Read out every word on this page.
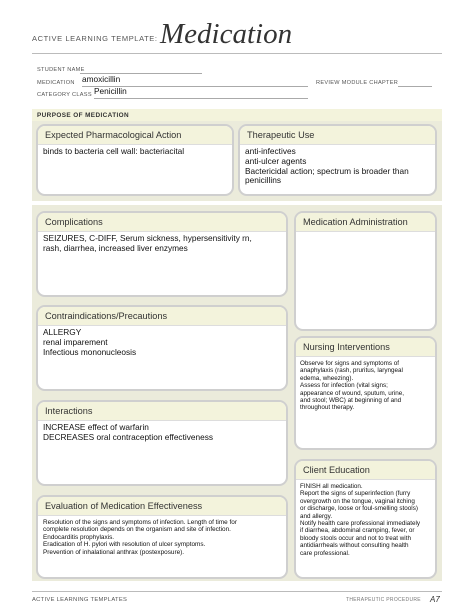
ACTIVE LEARNING TEMPLATE: Medication
STUDENT NAME
MEDICATION amoxicillin	REVIEW MODULE CHAPTER
CATEGORY CLASS Penicillin
PURPOSE OF MEDICATION
Expected Pharmacological Action
binds to bacteria cell wall: bacteriacital
Therapeutic Use
anti-infectives
anti-ulcer agents
Bactericidal action; spectrum is broader than
penicillins
Complications
SEIZURES, C-DIFF, Serum sickness, hypersensitivity rn,
rash, diarrhea, increased liver enzymes
Contraindications/Precautions
ALLERGY
renal imparement
Infectious mononucleosis
Interactions
INCREASE effect of warfarin
DECREASES oral contraception effectiveness
Evaluation of Medication Effectiveness
Resolution of the signs and symptoms of infection. Length of time for
complete resolution depends on the organism and site of infection.
Endocarditis prophylaxis.
Eradication of H. pylori with resolution of ulcer symptoms.
Prevention of inhalational anthrax (postexposure).
Medication Administration
Nursing Interventions
Observe for signs and symptoms of
anaphylaxis (rash, pruritus, laryngeal
edema, wheezing).
Assess for infection (vital signs;
appearance of wound, sputum, urine,
and stool; WBC) at beginning of and
throughout therapy.
Client Education
FINISH all medication.
Report the signs of superinfection (furry
overgrowth on the tongue, vaginal itching
or discharge, loose or foul-smelling stools)
and allergy.
Notify health care professional immediately
if diarrhea, abdominal cramping, fever, or
bloody stools occur and not to treat with
antidiarrheals without consulting health
care professional.
ACTIVE LEARNING TEMPLATES	THERAPEUTIC PROCEDURE A7
